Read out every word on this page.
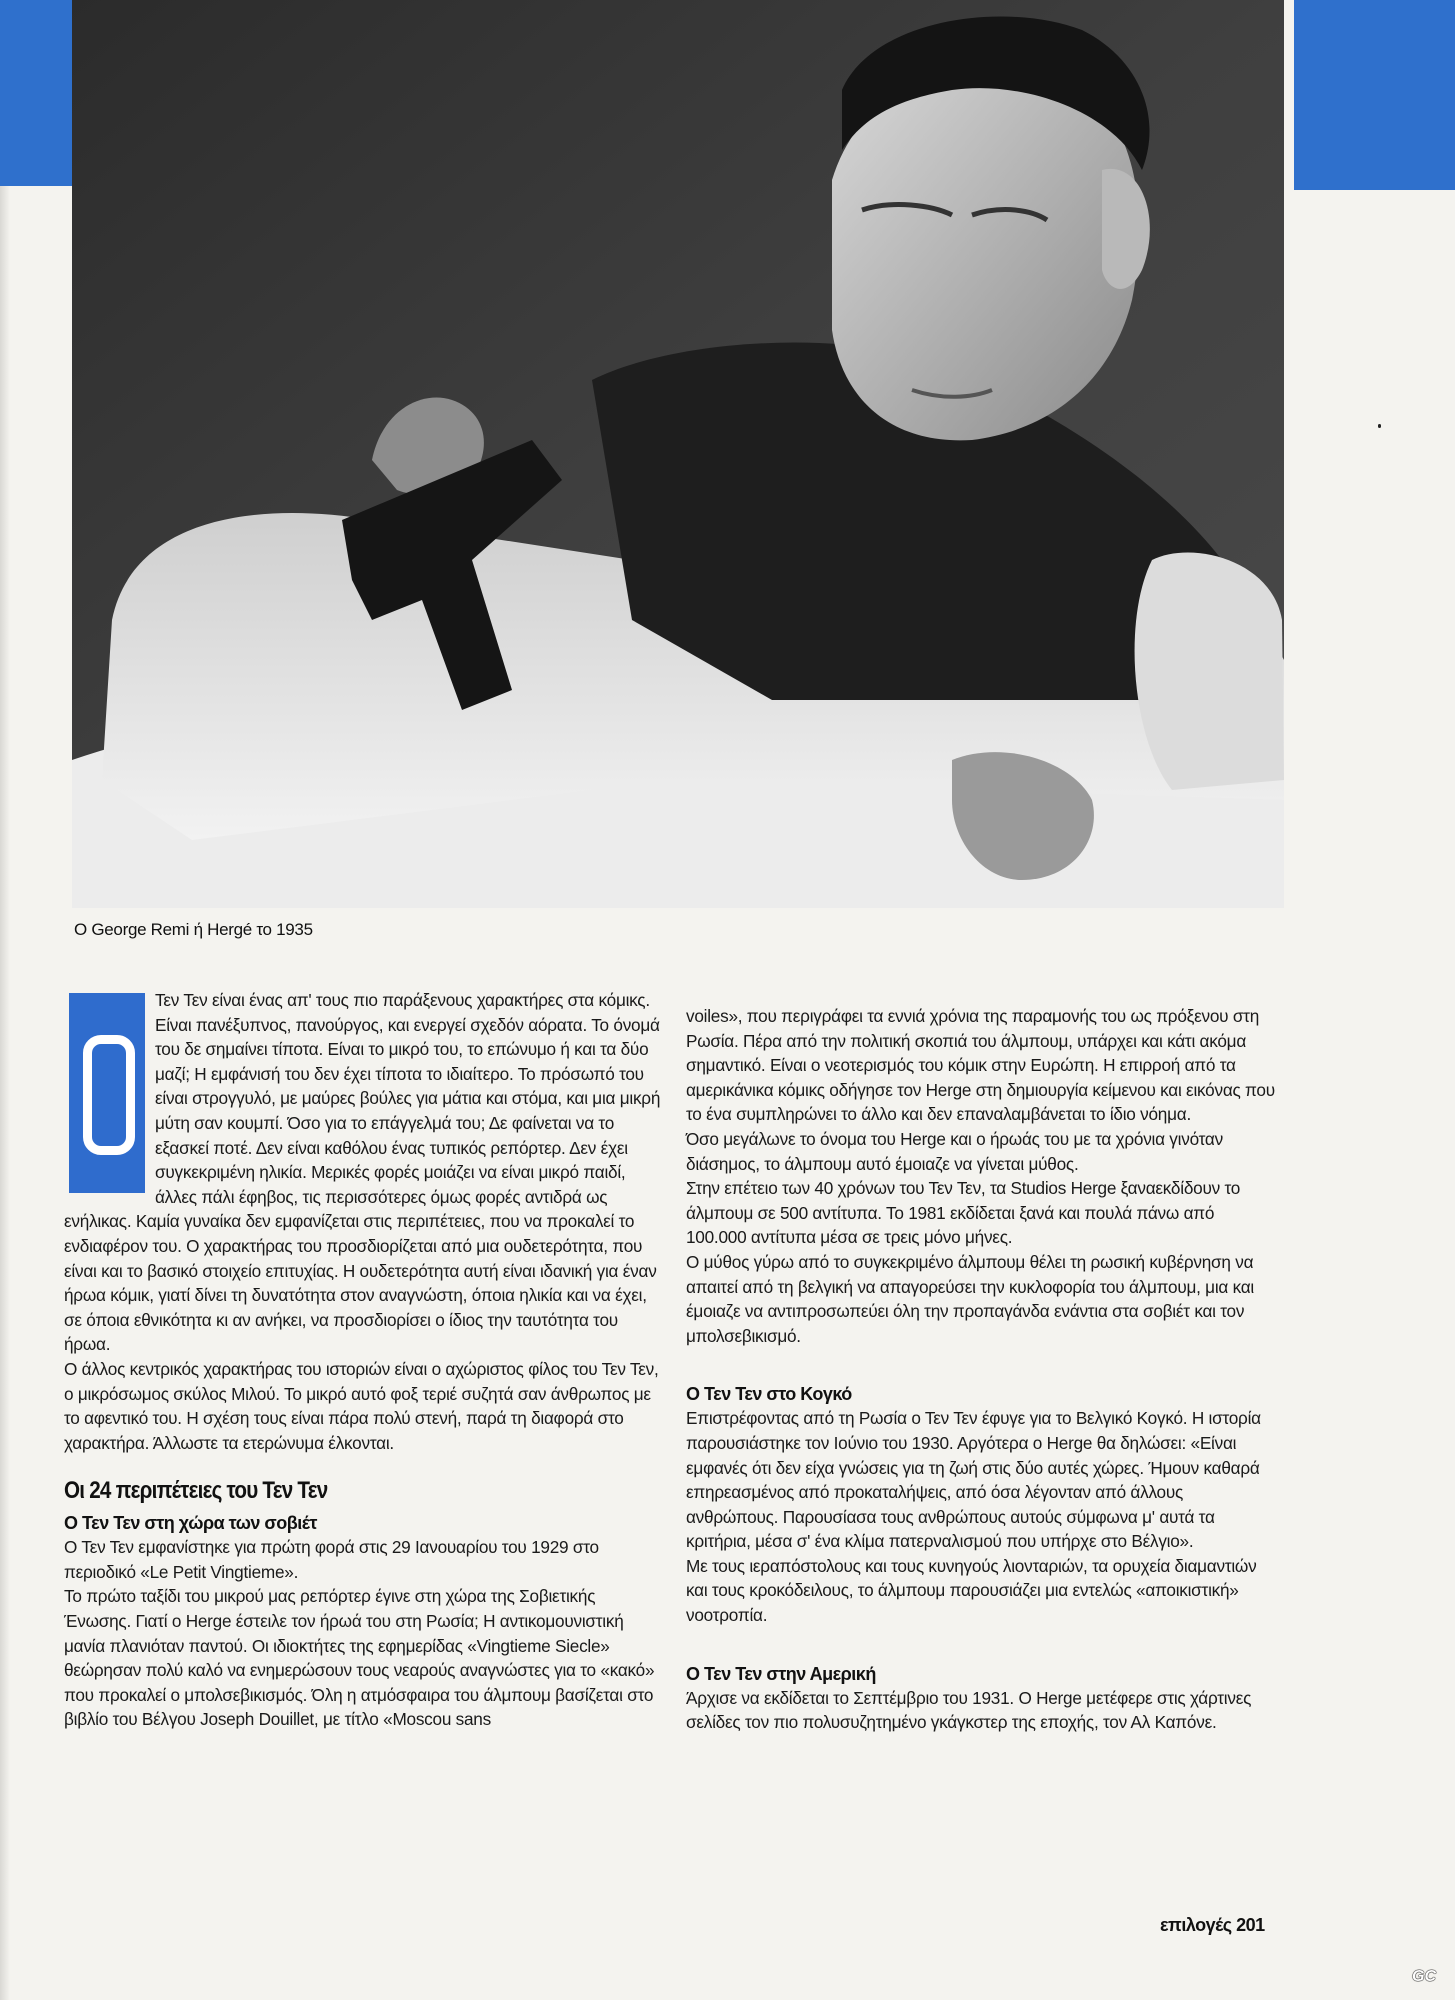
O George Remi ή Hergé το 1935

Τεν Τεν είναι ένας απ' τους πιο παράξενους χαρακτήρες στα κόμικς. Είναι πανέξυπνος, πανούργος, και ενεργεί σχεδόν αόρατα. Το όνομά του δε σημαίνει τίποτα. Είναι το μικρό του, το επώνυμο ή και τα δύο μαζί; Η εμφάνισή του δεν έχει τίποτα το ιδιαίτερο. Το πρόσωπό του είναι στρογγυλό, με μαύρες βούλες για μάτια και στόμα, και μια μικρή μύτη σαν κουμπί. Όσο για το επάγγελμά του; Δε φαίνεται να το εξασκεί ποτέ. Δεν είναι καθόλου ένας τυπικός ρεπόρτερ. Δεν έχει συγκεκριμένη ηλικία. Μερικές φορές μοιάζει να είναι μικρό παιδί, άλλες πάλι έφηβος, τις περισσότερες όμως φορές αντιδρά ως ενήλικας. Καμία γυναίκα δεν εμφανίζεται στις περιπέτειες, που να προκαλεί το ενδιαφέρον του. Ο χαρακτήρας του προσδιορίζεται από μια ουδετερότητα, που είναι και το βασικό στοιχείο επιτυχίας. Η ουδετερότητα αυτή είναι ιδανική για έναν ήρωα κόμικ, γιατί δίνει τη δυνατότητα στον αναγνώστη, όποια ηλικία και να έχει, σε όποια εθνικότητα κι αν ανήκει, να προσδιορίσει ο ίδιος την ταυτότητα του ήρωα.

Ο άλλος κεντρικός χαρακτήρας του ιστοριών είναι ο αχώριστος φίλος του Τεν Τεν, ο μικρόσωμος σκύλος Μιλού. Το μικρό αυτό φοξ τεριέ συζητά σαν άνθρωπος με το αφεντικό του. Η σχέση τους είναι πάρα πολύ στενή, παρά τη διαφορά στο χαρακτήρα. Άλλωστε τα ετερώνυμα έλκονται.

Οι 24 περιπέτειες του Τεν Τεν
Ο Τεν Τεν στη χώρα των σοβιέτ

Ο Τεν Τεν εμφανίστηκε για πρώτη φορά στις 29 Ιανουαρίου του 1929 στο περιοδικό «Le Petit Vingtieme».

Το πρώτο ταξίδι του μικρού μας ρεπόρτερ έγινε στη χώρα της Σοβιετικής Ένωσης. Γιατί ο Herge έστειλε τον ήρωά του στη Ρωσία; Η αντικομουνιστική μανία πλανιόταν παντού. Οι ιδιοκτήτες της εφημερίδας «Vingtieme Siecle» θεώρησαν πολύ καλό να ενημερώσουν τους νεαρούς αναγνώστες για το «κακό» που προκαλεί ο μπολσεβικισμός. Όλη η ατμόσφαιρα του άλμπουμ βασίζεται στο βιβλίο του Βέλγου Joseph Douillet, με τίτλο «Moscou sans

voiles», που περιγράφει τα εννιά χρόνια της παραμονής του ως πρόξενου στη Ρωσία. Πέρα από την πολιτική σκοπιά του άλμπουμ, υπάρχει και κάτι ακόμα σημαντικό. Είναι ο νεοτερισμός του κόμικ στην Ευρώπη. Η επιρροή από τα αμερικάνικα κόμικς οδήγησε τον Herge στη δημιουργία κείμενου και εικόνας που το ένα συμπληρώνει το άλλο και δεν επαναλαμβάνεται το ίδιο νόημα.

Όσο μεγάλωνε το όνομα του Herge και ο ήρωάς του με τα χρόνια γινόταν διάσημος, το άλμπουμ αυτό έμοιαζε να γίνεται μύθος.

Στην επέτειο των 40 χρόνων του Τεν Τεν, τα Studios Herge ξαναεκδίδουν το άλμπουμ σε 500 αντίτυπα. Το 1981 εκδίδεται ξανά και πουλά πάνω από 100.000 αντίτυπα μέσα σε τρεις μόνο μήνες.

Ο μύθος γύρω από το συγκεκριμένο άλμπουμ θέλει τη ρωσική κυβέρνηση να απαιτεί από τη βελγική να απαγορεύσει την κυκλοφορία του άλμπουμ, μια και έμοιαζε να αντιπροσωπεύει όλη την προπαγάνδα ενάντια στα σοβιέτ και τον μπολσεβικισμό.

Ο Τεν Τεν στο Κογκό

Επιστρέφοντας από τη Ρωσία ο Τεν Τεν έφυγε για το Βελγικό Κογκό. Η ιστορία παρουσιάστηκε τον Ιούνιο του 1930. Αργότερα ο Herge θα δηλώσει: «Είναι εμφανές ότι δεν είχα γνώσεις για τη ζωή στις δύο αυτές χώρες. Ήμουν καθαρά επηρεασμένος από προκαταλήψεις, από όσα λέγονταν από άλλους ανθρώπους. Παρουσίασα τους ανθρώπους αυτούς σύμφωνα μ' αυτά τα κριτήρια, μέσα σ' ένα κλίμα πατερναλισμού που υπήρχε στο Βέλγιο».

Με τους ιεραπόστολους και τους κυνηγούς λιονταριών, τα ορυχεία διαμαντιών και τους κροκόδειλους, το άλμπουμ παρουσιάζει μια εντελώς «αποικιστική» νοοτροπία.

Ο Τεν Τεν στην Αμερική

Άρχισε να εκδίδεται το Σεπτέμβριο του 1931. Ο Herge μετέφερε στις χάρτινες σελίδες τον πιο πολυσυζητημένο γκάγκστερ της εποχής, τον Αλ Καπόνε.

επιλογές 201
GC
